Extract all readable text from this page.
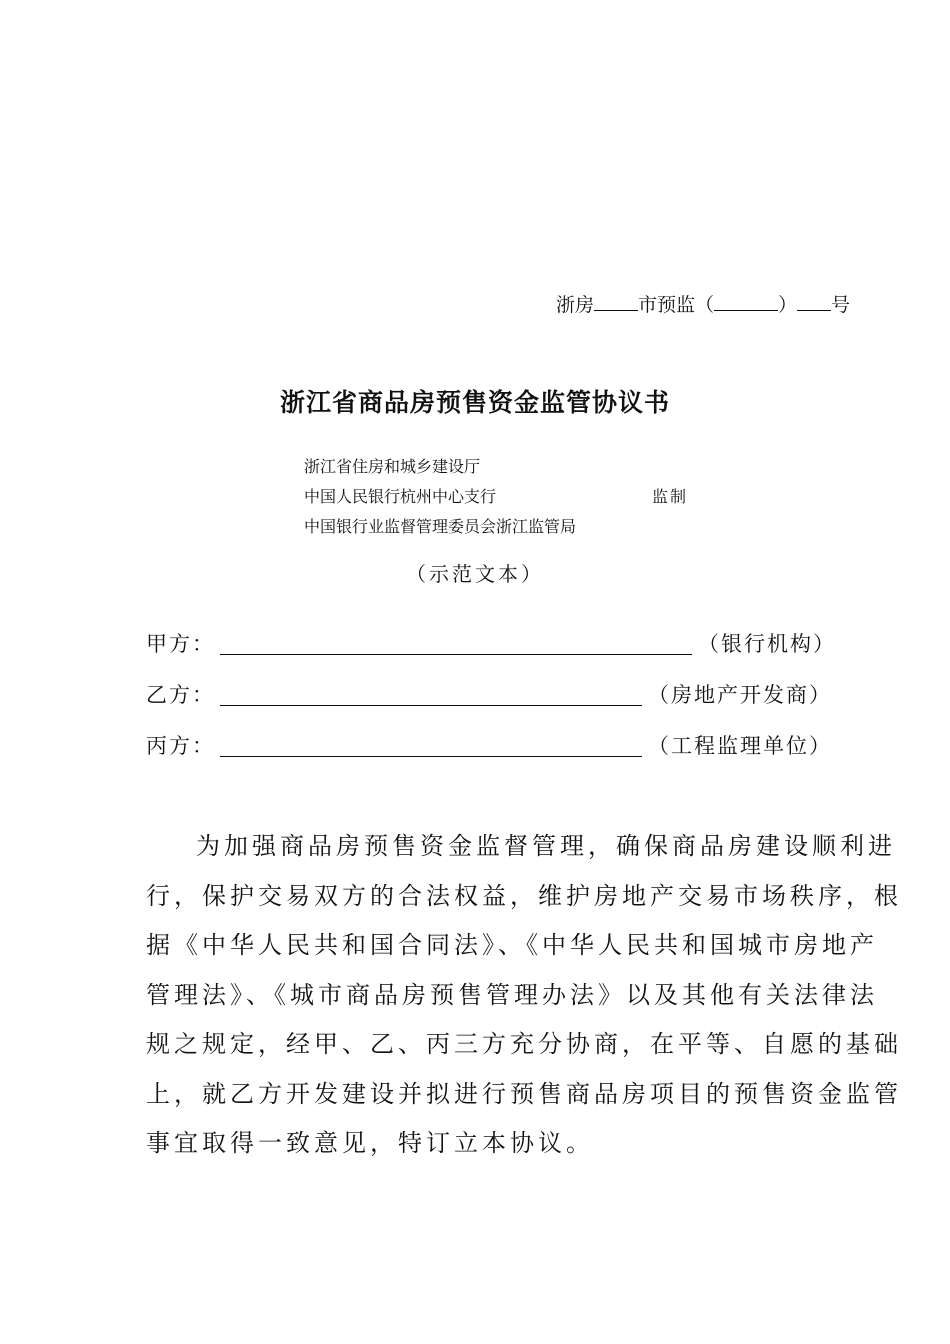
浙房 市预监（	） 号
浙江省商品房预售资金监管协议书
浙江省住房和城乡建设厅
中国人民银行杭州中心支行
中国银行业监督管理委员会浙江监管局
监制
（示范文本）
甲方：	（银行机构）
乙方：	（房地产开发商）
丙方：	（工程监理单位）
为加强商品房预售资金监督管理，确保商品房建设顺利进
行，保护交易双方的合法权益，维护房地产交易市场秩序，根
据《中华人民共和国合同法》、《中华人民共和国城市房地产
管理法》、《城市商品房预售管理办法》以及其他有关法律法
规之规定，经甲、乙、丙三方充分协商，在平等、自愿的基础
上，就乙方开发建设并拟进行预售商品房项目的预售资金监管
事宜取得一致意见，特订立本协议。
